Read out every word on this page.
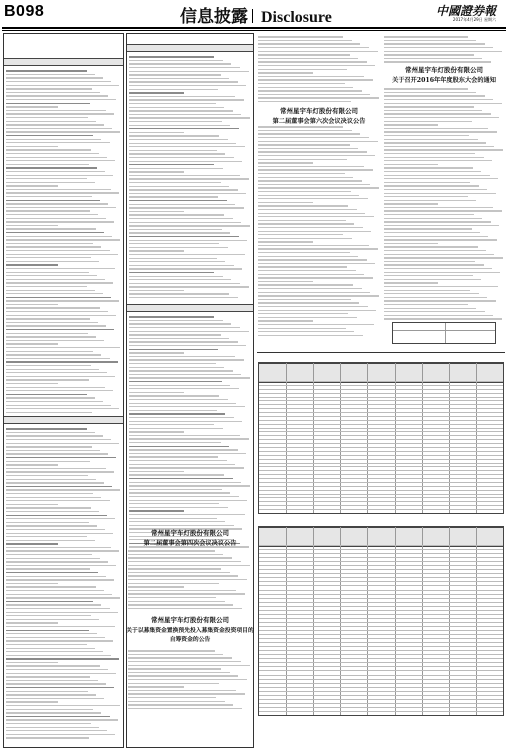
B098	信息披露 Disclosure	中國證券報
2017年4月29日 星期六
常州星宇车灯股份有限公司
第二届董事会第四次会议决议公告
常州星宇车灯股份有限公司
关于以募集资金置换预先投入募集资金投资项目的自筹资金的公告
常州星宇车灯股份有限公司
第二届董事会第六次会议决议公告
常州星宇车灯股份有限公司
关于召开2016年年度股东大会的通知
